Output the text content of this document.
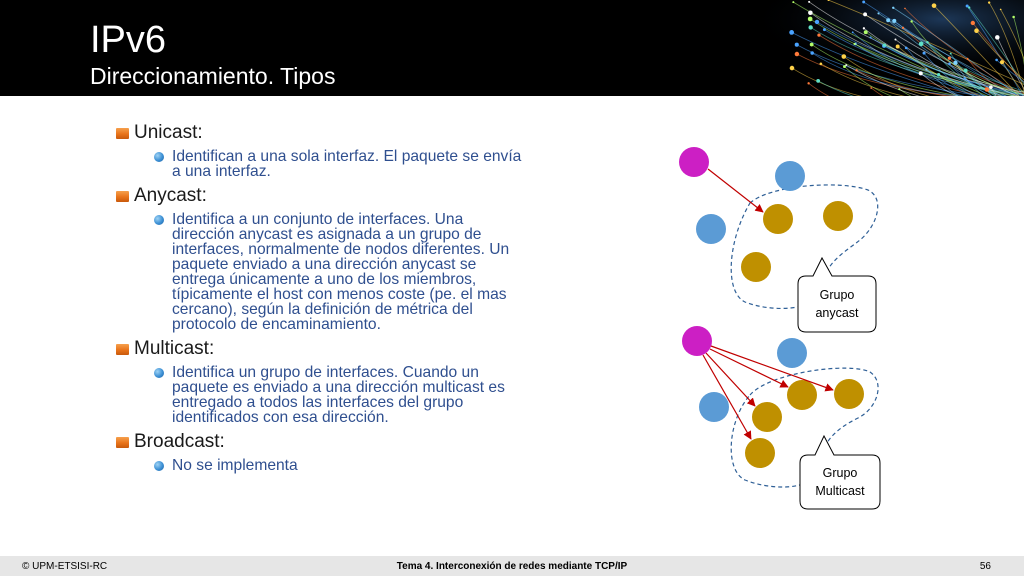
IPv6
Direccionamiento. Tipos
Unicast:
Identifican a una sola interfaz. El paquete se envía
a una interfaz.
Anycast:
Identifica a un conjunto de interfaces. Una
dirección anycast es asignada a un grupo de
interfaces, normalmente de nodos diferentes. Un
paquete enviado a una dirección anycast se
entrega únicamente a uno de los miembros,
típicamente el host con menos coste (pe. el mas
cercano), según la definición de métrica del
protocolo de encaminamiento.
Multicast:
Identifica un grupo de interfaces. Cuando un
paquete es enviado a una dirección multicast es
entregado a todos las interfaces del grupo
identificados con esa dirección.
Broadcast:
No se implementa
Grupo
anycast
Grupo
Multicast
© UPM-ETSISI-RC	Tema 4. Interconexión de redes mediante TCP/IP	56
